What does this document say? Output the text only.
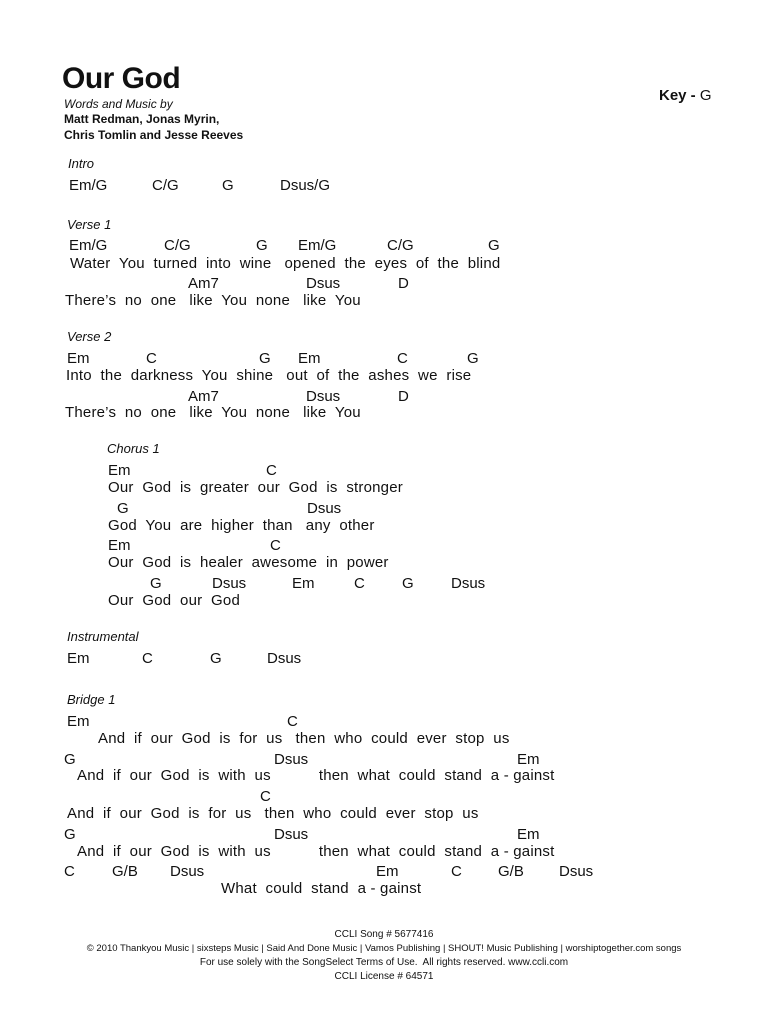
Our God
Words and Music by
Matt Redman, Jonas Myrin,
Chris Tomlin and Jesse Reeves
Key - G
Intro
Em/G	C/G	G	Dsus/G
Verse 1
Em/G	C/G	G Em/G	C/G	G
Water  You  turned  into  wine   opened  the  eyes  of  the  blind
Am7	Dsus	D
There’s  no  one   like  You  none   like  You
Verse 2
Em	C	G Em	C	G
Into  the  darkness  You  shine   out  of  the  ashes  we  rise
Am7	Dsus	D
There’s  no  one   like  You  none   like  You
Chorus 1
Em	C
Our  God  is  greater  our  God  is  stronger
G	Dsus
God  You  are  higher  than   any  other
Em	C
Our  God  is  healer  awesome  in  power
G	Dsus	Em	C G Dsus
Our  God  our  God
Instrumental
Em	C	G	Dsus
Bridge 1
Em	C
And  if  our  God  is  for  us   then  who  could  ever  stop  us
G	Dsus	Em
And  if  our  God  is  with  us           then  what  could  stand  a - gainst
C
And  if  our  God  is  for  us   then  who  could  ever  stop  us
G	Dsus	Em
And  if  our  God  is  with  us           then  what  could  stand  a - gainst
C G/B Dsus	Em	C G/B Dsus
What  could  stand  a - gainst
CCLI Song # 5677416
© 2010 Thankyou Music | sixsteps Music | Said And Done Music | Vamos Publishing | SHOUT! Music Publishing | worshiptogether.com songs
For use solely with the SongSelect Terms of Use.  All rights reserved. www.ccli.com
CCLI License # 64571
